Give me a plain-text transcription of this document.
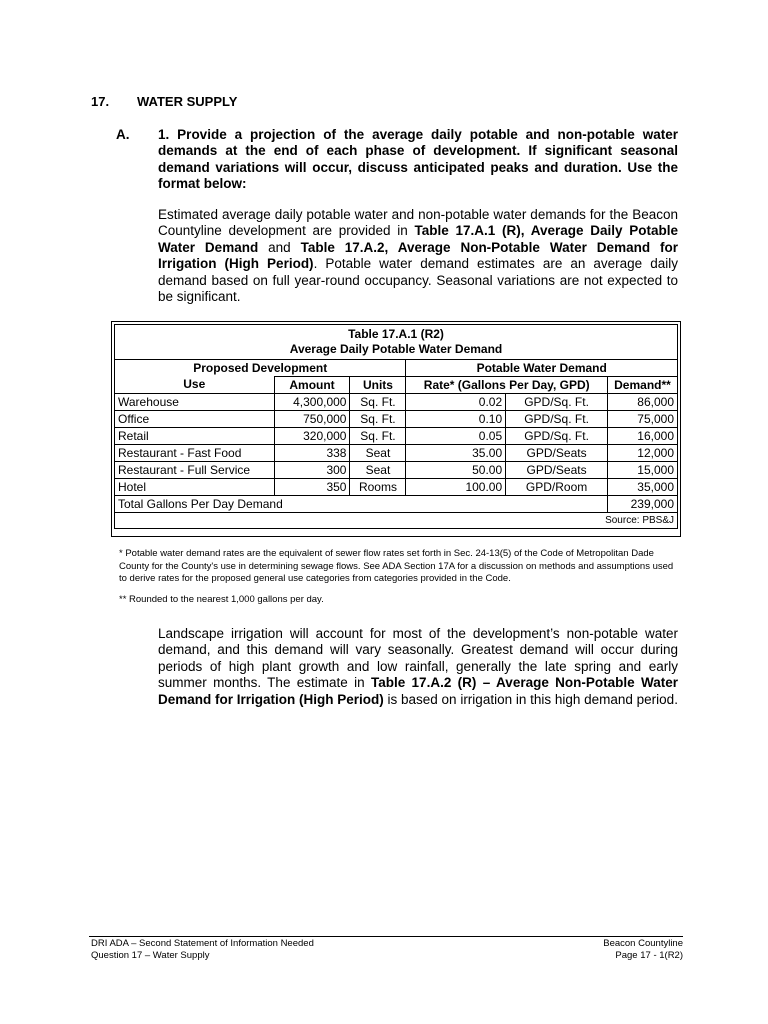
17. WATER SUPPLY
A. 1. Provide a projection of the average daily potable and non-potable water demands at the end of each phase of development. If significant seasonal demand variations will occur, discuss anticipated peaks and duration. Use the format below:
Estimated average daily potable water and non-potable water demands for the Beacon Countyline development are provided in Table 17.A.1 (R), Average Daily Potable Water Demand and Table 17.A.2, Average Non-Potable Water Demand for Irrigation (High Period). Potable water demand estimates are an average daily demand based on full year-round occupancy. Seasonal variations are not expected to be significant.
Table 17.A.1 (R2)
Average Daily Potable Water Demand					

Proposed Development			Potable Water Demand		
Use	Amount	Units	Rate* (Gallons Per Day, GPD)		Demand**
Warehouse	4,300,000	Sq. Ft.	0.02	GPD/Sq. Ft.	86,000
Office	750,000	Sq. Ft.	0.10	GPD/Sq. Ft.	75,000
Retail	320,000	Sq. Ft.	0.05	GPD/Sq. Ft.	16,000
Restaurant - Fast Food	338	Seat	35.00	GPD/Seats	12,000
Restaurant - Full Service	300	Seat	50.00	GPD/Seats	15,000
Hotel	350	Rooms	100.00	GPD/Room	35,000
Total Gallons Per Day Demand					239,000
Source: PBS&J					
* Potable water demand rates are the equivalent of sewer flow rates set forth in Sec. 24-13(5) of the Code of Metropolitan Dade County for the County's use in determining sewage flows. See ADA Section 17A for a discussion on methods and assumptions used to derive rates for the proposed general use categories from categories provided in the Code.
** Rounded to the nearest 1,000 gallons per day.
Landscape irrigation will account for most of the development’s non-potable water demand, and this demand will vary seasonally. Greatest demand will occur during periods of high plant growth and low rainfall, generally the late spring and early summer months. The estimate in Table 17.A.2 (R) – Average Non-Potable Water Demand for Irrigation (High Period) is based on irrigation in this high demand period.
DRI ADA – Second Statement of Information Needed
Question 17 – Water Supply
Beacon Countyline
Page 17 - 1(R2)
